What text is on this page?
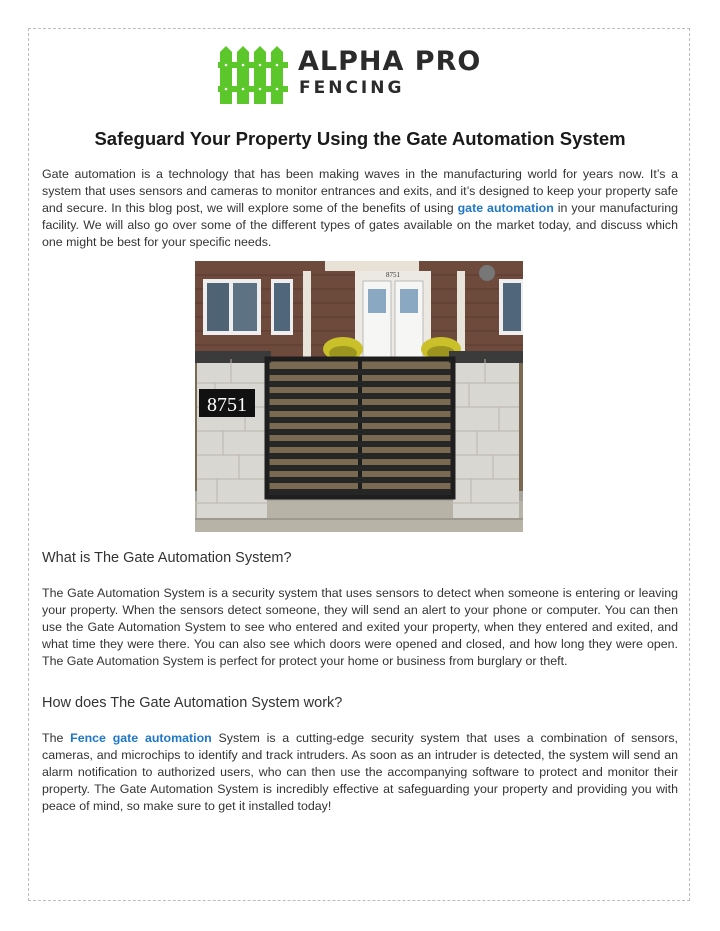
ALPHA PRO
FENCING
Safeguard Your Property Using the Gate Automation System

Gate automation is a technology that has been making waves in the manufacturing world for years now. It’s a system that uses sensors and cameras to monitor entrances and exits, and it’s designed to keep your property safe and secure. In this blog post, we will explore some of the benefits of using gate automation in your manufacturing facility. We will also go over some of the different types of gates available on the market today, and discuss which one might be best for your specific needs.

8751
8751
What is The Gate Automation System?

The Gate Automation System is a security system that uses sensors to detect when someone is entering or leaving your property. When the sensors detect someone, they will send an alert to your phone or computer. You can then use the Gate Automation System to see who entered and exited your property, when they entered and exited, and what time they were there. You can also see which doors were opened and closed, and how long they were open. The Gate Automation System is perfect for protect your home or business from burglary or theft.

How does The Gate Automation System work?

The Fence gate automation System is a cutting-edge security system that uses a combination of sensors, cameras, and microchips to identify and track intruders. As soon as an intruder is detected, the system will send an alarm notification to authorized users, who can then use the accompanying software to protect and monitor their property. The Gate Automation System is incredibly effective at safeguarding your property and providing you with peace of mind, so make sure to get it installed today!
